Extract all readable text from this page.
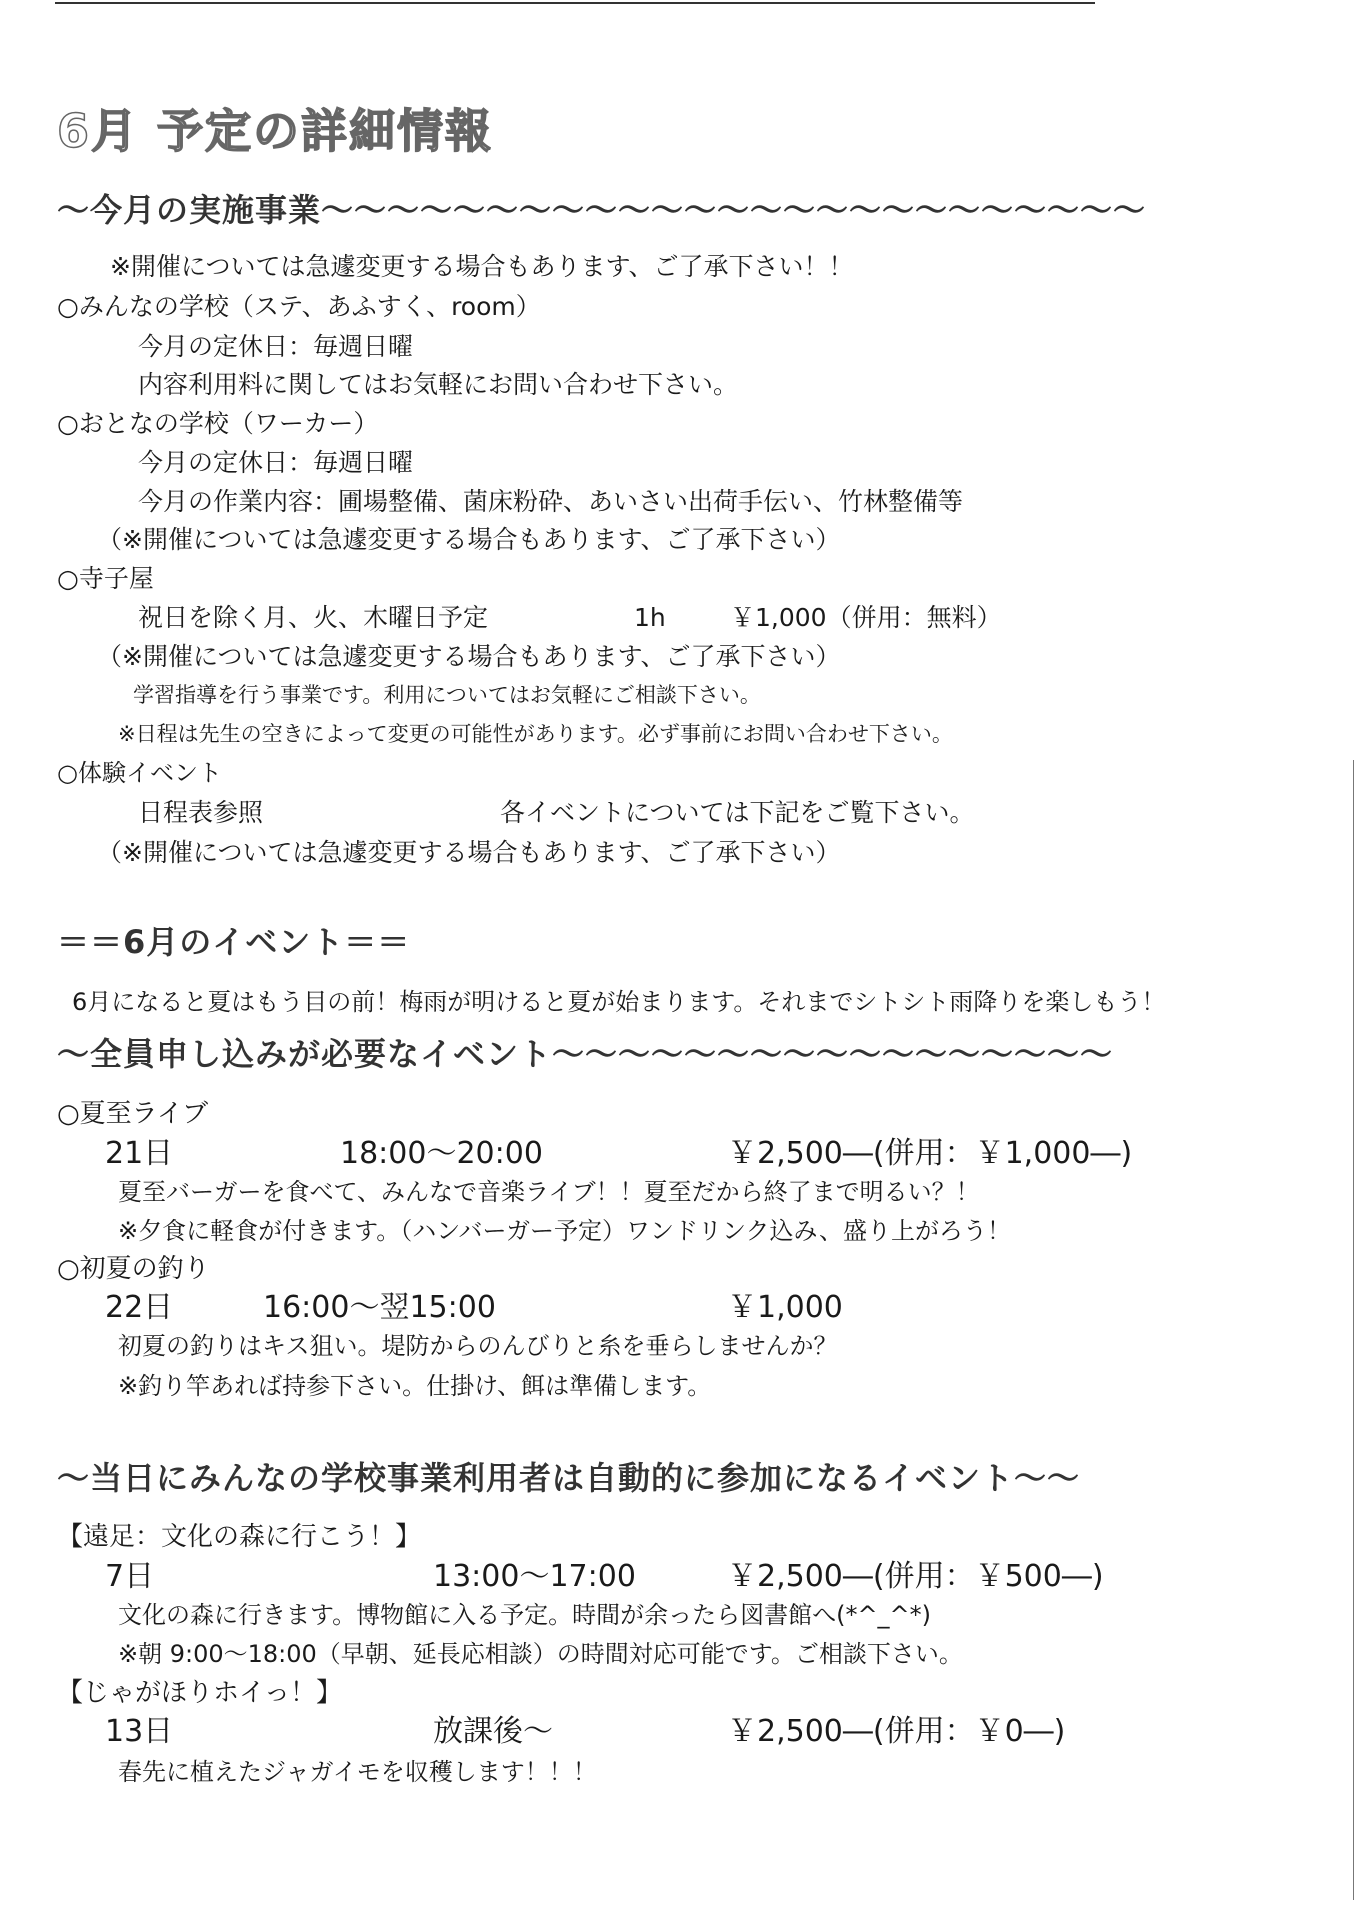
6月 予定の詳細情報
～今月の実施事業～～～～～～～～～～～～～～～～～～～～～～～～～
※開催については急遽変更する場合もあります、ご了承下さい！！
○みんなの学校（ステ、あふすく、room）
今月の定休日：毎週日曜
内容利用料に関してはお気軽にお問い合わせ下さい。
○おとなの学校（ワーカー）
今月の定休日：毎週日曜
今月の作業内容：圃場整備、菌床粉砕、あいさい出荷手伝い、竹林整備等
（※開催については急遽変更する場合もあります、ご了承下さい）
○寺子屋
祝日を除く月、火、木曜日予定	1h	￥1,000（併用：無料）
（※開催については急遽変更する場合もあります、ご了承下さい）
学習指導を行う事業です。利用についてはお気軽にご相談下さい。
※日程は先生の空きによって変更の可能性があります。必ず事前にお問い合わせ下さい。
○体験イベント
日程表参照	各イベントについては下記をご覧下さい。
（※開催については急遽変更する場合もあります、ご了承下さい）
＝＝6月のイベント＝＝
6月になると夏はもう目の前！梅雨が明けると夏が始まります。それまでシトシト雨降りを楽しもう！
～全員申し込みが必要なイベント～～～～～～～～～～～～～～～～～
○夏至ライブ
21日	18:00～20:00	￥2,500―(併用：￥1,000―)
夏至バーガーを食べて、みんなで音楽ライブ！！夏至だから終了まで明るい？！
※夕食に軽食が付きます。（ハンバーガー予定）ワンドリンク込み、盛り上がろう！
○初夏の釣り
22日	16:00～翌15:00	￥1,000
初夏の釣りはキス狙い。堤防からのんびりと糸を垂らしませんか？
※釣り竿あれば持参下さい。仕掛け、餌は準備します。
～当日にみんなの学校事業利用者は自動的に参加になるイベント～～
【遠足：文化の森に行こう！】
7日	13:00～17:00	￥2,500―(併用：￥500―)
文化の森に行きます。博物館に入る予定。時間が余ったら図書館へ(*^_^*)
※朝 9:00～18:00（早朝、延長応相談）の時間対応可能です。ご相談下さい。
【じゃがほりホイっ！】
13日	放課後～	￥2,500―(併用：￥0―)
春先に植えたジャガイモを収穫します！！！
